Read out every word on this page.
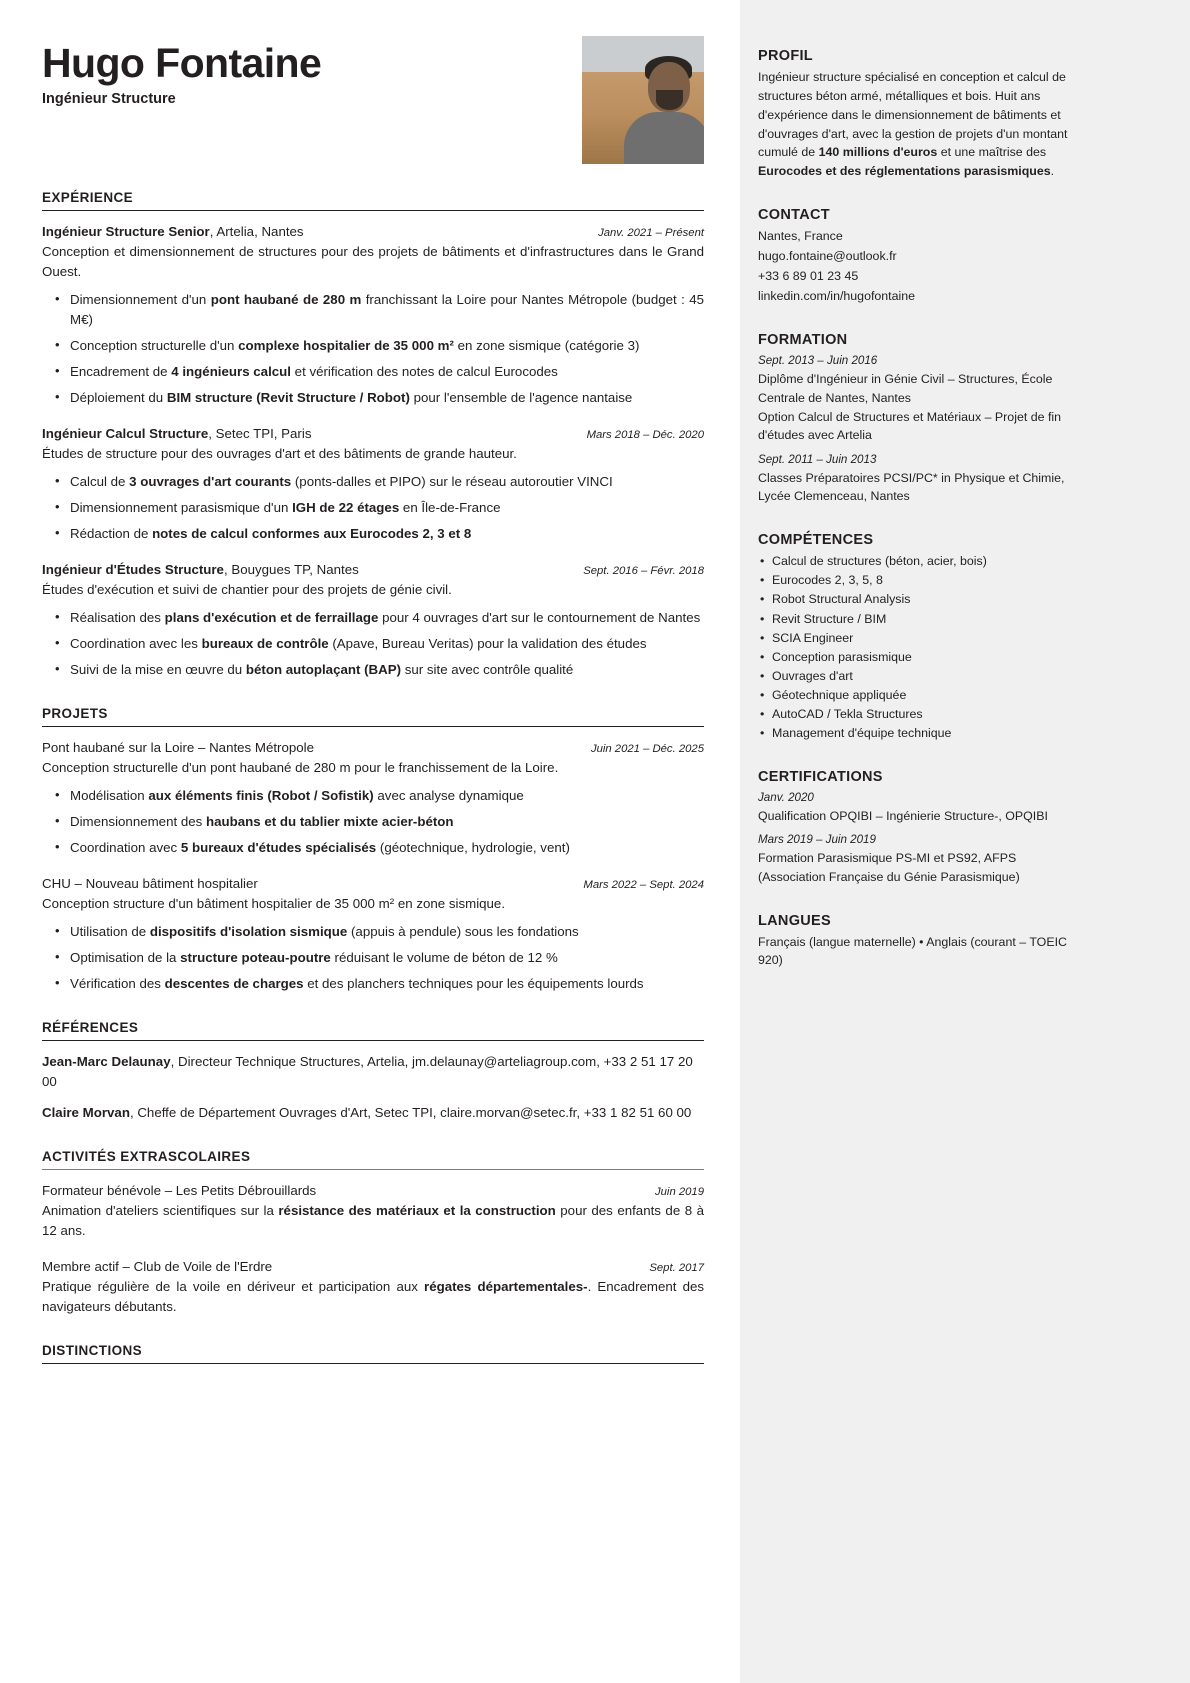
Hugo Fontaine
Ingénieur Structure
EXPÉRIENCE
Ingénieur Structure Senior, Artelia, Nantes	Janv. 2021 – Présent
Conception et dimensionnement de structures pour des projets de bâtiments et d'infrastructures dans le Grand Ouest.
• Dimensionnement d'un pont haubané de 280 m franchissant la Loire pour Nantes Métropole (budget : 45 M€)
• Conception structurelle d'un complexe hospitalier de 35 000 m² en zone sismique (catégorie 3)
• Encadrement de 4 ingénieurs calcul et vérification des notes de calcul Eurocodes
• Déploiement du BIM structure (Revit Structure / Robot) pour l'ensemble de l'agence nantaise
Ingénieur Calcul Structure, Setec TPI, Paris	Mars 2018 – Déc. 2020
Études de structure pour des ouvrages d'art et des bâtiments de grande hauteur.
• Calcul de 3 ouvrages d'art courants (ponts-dalles et PIPO) sur le réseau autoroutier VINCI
• Dimensionnement parasismique d'un IGH de 22 étages en Île-de-France
• Rédaction de notes de calcul conformes aux Eurocodes 2, 3 et 8
Ingénieur d'Études Structure, Bouygues TP, Nantes	Sept. 2016 – Févr. 2018
Études d'exécution et suivi de chantier pour des projets de génie civil.
• Réalisation des plans d'exécution et de ferraillage pour 4 ouvrages d'art sur le contournement de Nantes
• Coordination avec les bureaux de contrôle (Apave, Bureau Veritas) pour la validation des études
• Suivi de la mise en œuvre du béton autoplaçant (BAP) sur site avec contrôle qualité
PROJETS
Pont haubané sur la Loire – Nantes Métropole	Juin 2021 – Déc. 2025
Conception structurelle d'un pont haubané de 280 m pour le franchissement de la Loire.
• Modélisation aux éléments finis (Robot / Sofistik) avec analyse dynamique
• Dimensionnement des haubans et du tablier mixte acier-béton
• Coordination avec 5 bureaux d'études spécialisés (géotechnique, hydrologie, vent)
CHU – Nouveau bâtiment hospitalier	Mars 2022 – Sept. 2024
Conception structure d'un bâtiment hospitalier de 35 000 m² en zone sismique.
• Utilisation de dispositifs d'isolation sismique (appuis à pendule) sous les fondations
• Optimisation de la structure poteau-poutre réduisant le volume de béton de 12 %
• Vérification des descentes de charges et des planchers techniques pour les équipements lourds
RÉFÉRENCES
Jean-Marc Delaunay, Directeur Technique Structures, Artelia, jm.delaunay@arteliagroup.com, +33 2 51 17 20 00
Claire Morvan, Cheffe de Département Ouvrages d'Art, Setec TPI, claire.morvan@setec.fr, +33 1 82 51 60 00
ACTIVITÉS EXTRASCOLAIRES
Formateur bénévole – Les Petits Débrouillards	Juin 2019
Animation d'ateliers scientifiques sur la résistance des matériaux et la construction pour des enfants de 8 à 12 ans.
Membre actif – Club de Voile de l'Erdre	Sept. 2017
Pratique régulière de la voile en dériveur et participation aux régates départementales-. Encadrement des navigateurs débutants.
DISTINCTIONS
PROFIL
Ingénieur structure spécialisé en conception et calcul de structures béton armé, métalliques et bois. Huit ans d'expérience dans le dimensionnement de bâtiments et d'ouvrages d'art, avec la gestion de projets d'un montant cumulé de 140 millions d'euros et une maîtrise des Eurocodes et des réglementations parasismiques.
CONTACT
Nantes, France
hugo.fontaine@outlook.fr
+33 6 89 01 23 45
linkedin.com/in/hugofontaine
FORMATION
Sept. 2013 – Juin 2016
Diplôme d'Ingénieur in Génie Civil – Structures, École Centrale de Nantes, Nantes
Option Calcul de Structures et Matériaux – Projet de fin d'études avec Artelia
Sept. 2011 – Juin 2013
Classes Préparatoires PCSI/PC* in Physique et Chimie, Lycée Clemenceau, Nantes
COMPÉTENCES
• Calcul de structures (béton, acier, bois)
• Eurocodes 2, 3, 5, 8
• Robot Structural Analysis
• Revit Structure / BIM
• SCIA Engineer
• Conception parasismique
• Ouvrages d'art
• Géotechnique appliquée
• AutoCAD / Tekla Structures
• Management d'équipe technique
CERTIFICATIONS
Janv. 2020
Qualification OPQIBI – Ingénierie Structure-, OPQIBI
Mars 2019 – Juin 2019
Formation Parasismique PS-MI et PS92, AFPS (Association Française du Génie Parasismique)
LANGUES
Français (langue maternelle) • Anglais (courant – TOEIC 920)
